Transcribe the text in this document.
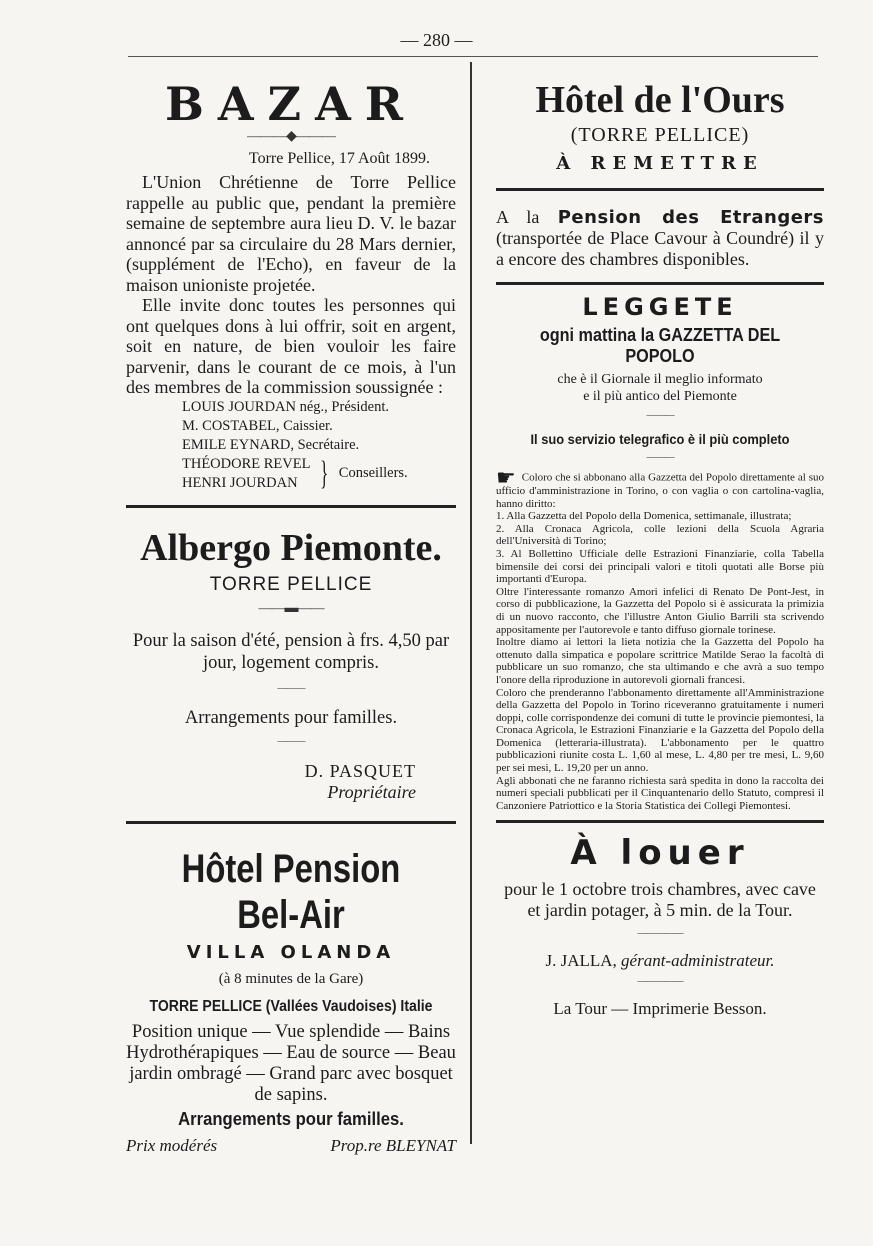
— 280 —
BAZAR
———◆———
Torre Pellice, 17 Août 1899.

L'Union Chrétienne de Torre Pellice rappelle au public que, pendant la première semaine de septembre aura lieu D. V. le bazar annoncé par sa circulaire du 28 Mars dernier, (supplément de l'Echo), en faveur de la maison unioniste projetée.

Elle invite donc toutes les personnes qui ont quelques dons à lui offrir, soit en argent, soit en nature, de bien vouloir les faire parvenir, dans le courant de ce mois, à l'un des membres de la commission soussignée :

LOUIS JOURDAN nég., Président.
M. COSTABEL, Caissier.
EMILE EYNARD, Secrétaire.
THÉODORE REVEL
HENRI JOURDAN } Conseillers.
Albergo Piemonte.
TORRE PELLICE
——▬——
Pour la saison d'été, pension à frs. 4,50 par jour, logement compris.
———
Arrangements pour familles.
———
D. PASQUET
Propriétaire
Hôtel Pension Bel-Air
VILLA OLANDA
(à 8 minutes de la Gare)
TORRE PELLICE (Vallées Vaudoises) Italie
Position unique — Vue splendide — Bains Hydrothérapiques — Eau de source — Beau jardin ombragé — Grand parc avec bosquet de sapins.
Arrangements pour familles.
Prix modérés	Prop.re BLEYNAT
Hôtel de l'Ours
(TORRE PELLICE)
À REMETTRE
A la Pension des Etrangers (transportée de Place Cavour à Coundré) il y a encore des chambres disponibles.
LEGGETE
ogni mattina la GAZZETTA DEL POPOLO
che è il Giornale il meglio informato
e il più antico del Piemonte
———
Il suo servizio telegrafico è il più completo
———

☛ Coloro che si abbonano alla Gazzetta del Popolo direttamente al suo ufficio d'amministrazione in Torino, o con vaglia o con cartolina-vaglia, hanno diritto:

1. Alla Gazzetta del Popolo della Domenica, settimanale, illustrata;

2. Alla Cronaca Agricola, colle lezioni della Scuola Agraria dell'Università di Torino;

3. Al Bollettino Ufficiale delle Estrazioni Finanziarie, colla Tabella bimensile dei corsi dei principali valori e titoli quotati alle Borse più importanti d'Europa.

Oltre l'interessante romanzo Amori infelici di Renato De Pont-Jest, in corso di pubblicazione, la Gazzetta del Popolo si è assicurata la primizia di un nuovo racconto, che l'illustre Anton Giulio Barrili sta scrivendo appositamente per l'autorevole e tanto diffuso giornale torinese.

Inoltre diamo ai lettori la lieta notizia che la Gazzetta del Popolo ha ottenuto dalla simpatica e popolare scrittrice Matilde Serao la facoltà di pubblicare un suo romanzo, che sta ultimando e che avrà a suo tempo l'onore della riproduzione in autorevoli giornali francesi.

Coloro che prenderanno l'abbonamento direttamente all'Amministrazione della Gazzetta del Popolo in Torino riceveranno gratuitamente i numeri doppi, colle corrispondenze dei comuni di tutte le provincie piemontesi, la Cronaca Agricola, le Estrazioni Finanziarie e la Gazzetta del Popolo della Domenica (letteraria-illustrata). L'abbonamento per le quattro pubblicazioni riunite costa L. 1,60 al mese, L. 4,80 per tre mesi, L. 9,60 per sei mesi, L. 19,20 per un anno.

Agli abbonati che ne faranno richiesta sarà spedita in dono la raccolta dei numeri speciali pubblicati per il Cinquantenario dello Statuto, compresi il Canzoniere Patriottico e la Storia Statistica dei Collegi Piemontesi.

À louer
pour le 1 octobre trois chambres, avec cave et jardin potager, à 5 min. de la Tour.
—————
J. JALLA, gérant-administrateur.
—————
La Tour — Imprimerie Besson.
